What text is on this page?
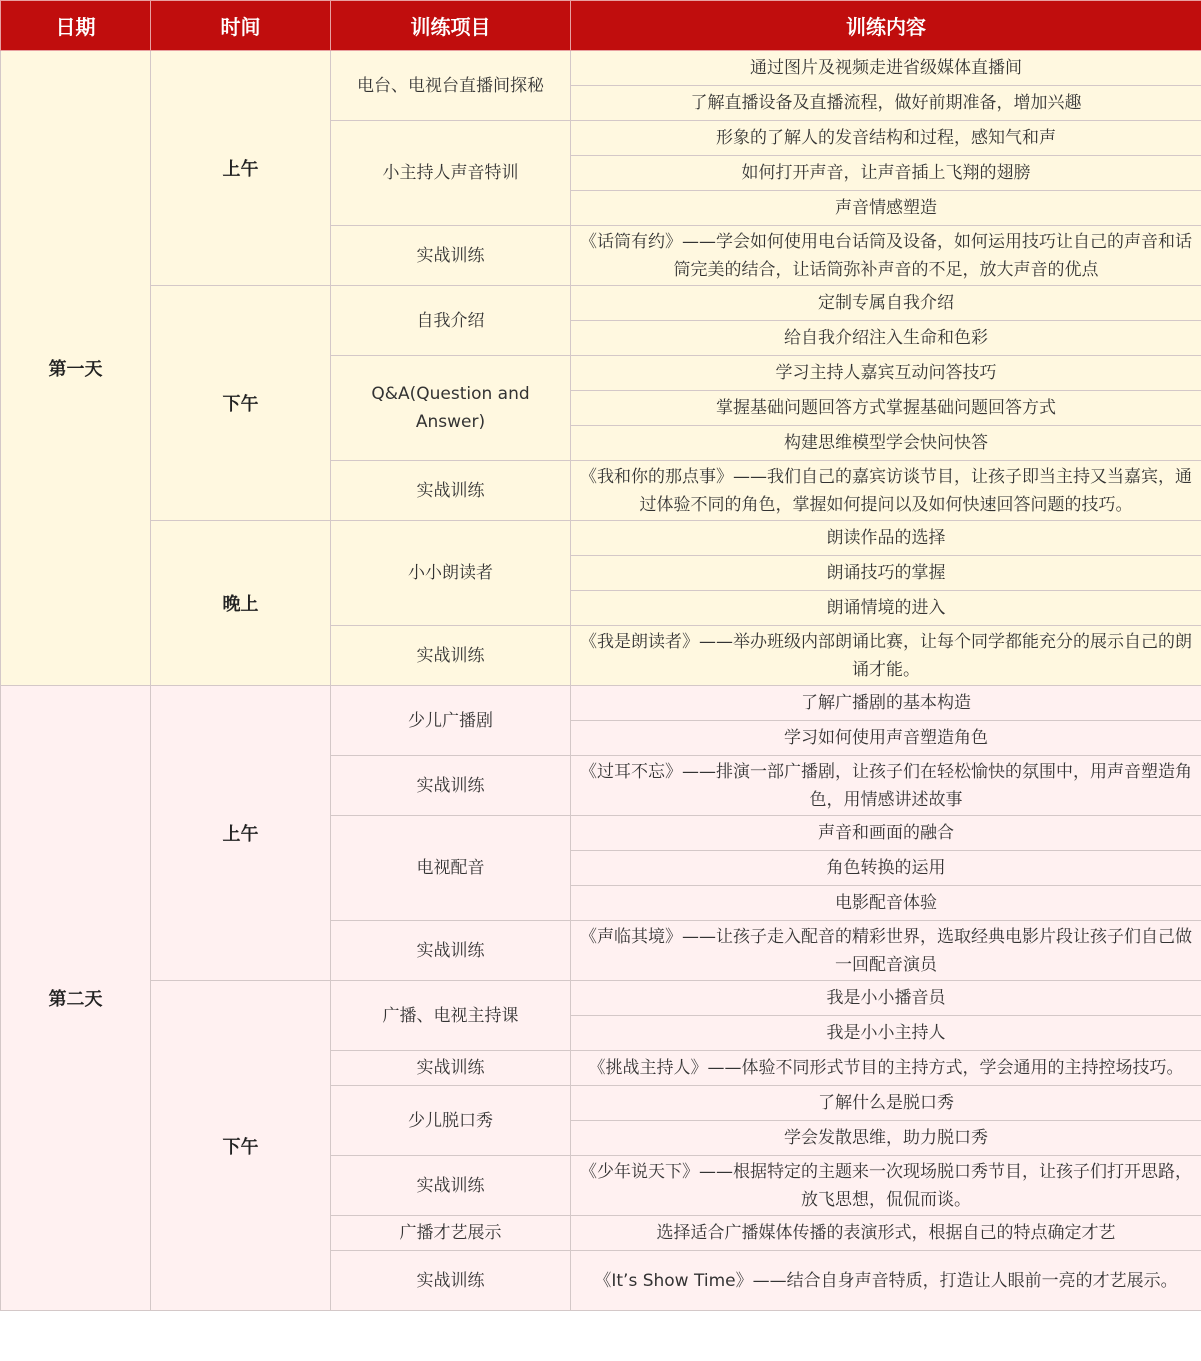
日期	时间	训练项目	训练内容
第一天	上午	电台、电视台直播间探秘	通过图片及视频走进省级媒体直播间
			了解直播设备及直播流程，做好前期准备，增加兴趣
		小主持人声音特训	形象的了解人的发音结构和过程，感知气和声
			如何打开声音，让声音插上飞翔的翅膀
			声音情感塑造
		实战训练	《话筒有约》——学会如何使用电台话筒及设备，如何运用技巧让自己的声音和话筒完美的结合，让话筒弥补声音的不足，放大声音的优点
	下午	自我介绍	定制专属自我介绍
			给自我介绍注入生命和色彩
		Q&A(Question and Answer)	学习主持人嘉宾互动问答技巧
			掌握基础问题回答方式掌握基础问题回答方式
			构建思维模型学会快问快答
		实战训练	《我和你的那点事》——我们自己的嘉宾访谈节目，让孩子即当主持又当嘉宾，通过体验不同的角色，掌握如何提问以及如何快速回答问题的技巧。
	晚上	小小朗读者	朗读作品的选择
			朗诵技巧的掌握
			朗诵情境的进入
		实战训练	《我是朗读者》——举办班级内部朗诵比赛，让每个同学都能充分的展示自己的朗诵才能。
第二天	上午	少儿广播剧	了解广播剧的基本构造
			学习如何使用声音塑造角色
		实战训练	《过耳不忘》——排演一部广播剧，让孩子们在轻松愉快的氛围中，用声音塑造角色，用情感讲述故事
		电视配音	声音和画面的融合
			角色转换的运用
			电影配音体验
		实战训练	《声临其境》——让孩子走入配音的精彩世界，选取经典电影片段让孩子们自己做一回配音演员
	下午	广播、电视主持课	我是小小播音员
			我是小小主持人
		实战训练	《挑战主持人》——体验不同形式节目的主持方式，学会通用的主持控场技巧。
		少儿脱口秀	了解什么是脱口秀
			学会发散思维，助力脱口秀
		实战训练	《少年说天下》——根据特定的主题来一次现场脱口秀节目，让孩子们打开思路，放飞思想，侃侃而谈。
		广播才艺展示	选择适合广播媒体传播的表演形式，根据自己的特点确定才艺
		实战训练	《It’s Show Time》——结合自身声音特质，打造让人眼前一亮的才艺展示。
